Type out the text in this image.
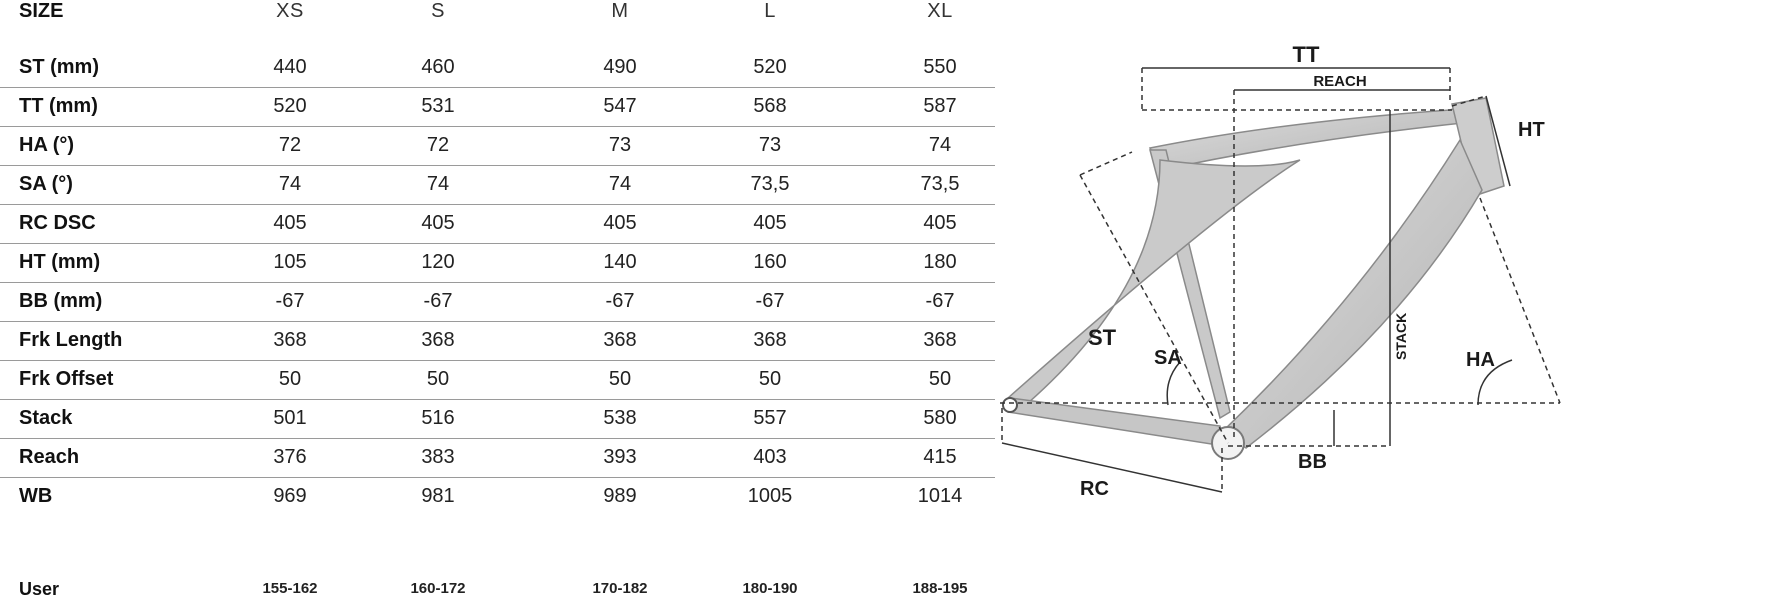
SIZE	XS	S	M	L	XL
ST (mm)	440	460	490	520	550
TT (mm)	520	531	547	568	587
HA (°)	72	72	73	73	74
SA (°)	74	74	74	73,5	73,5
RC DSC	405	405	405	405	405
HT (mm)	105	120	140	160	180
BB (mm)	-67	-67	-67	-67	-67
Frk Length	368	368	368	368	368
Frk Offset	50	50	50	50	50
Stack	501	516	538	557	580
Reach	376	383	393	403	415
WB	969	981	989	1005	1014
User	155-162	160-172	170-182	180-190	188-195
TT
REACH
HT
ST
SA	STACK	HA
BB
RC
